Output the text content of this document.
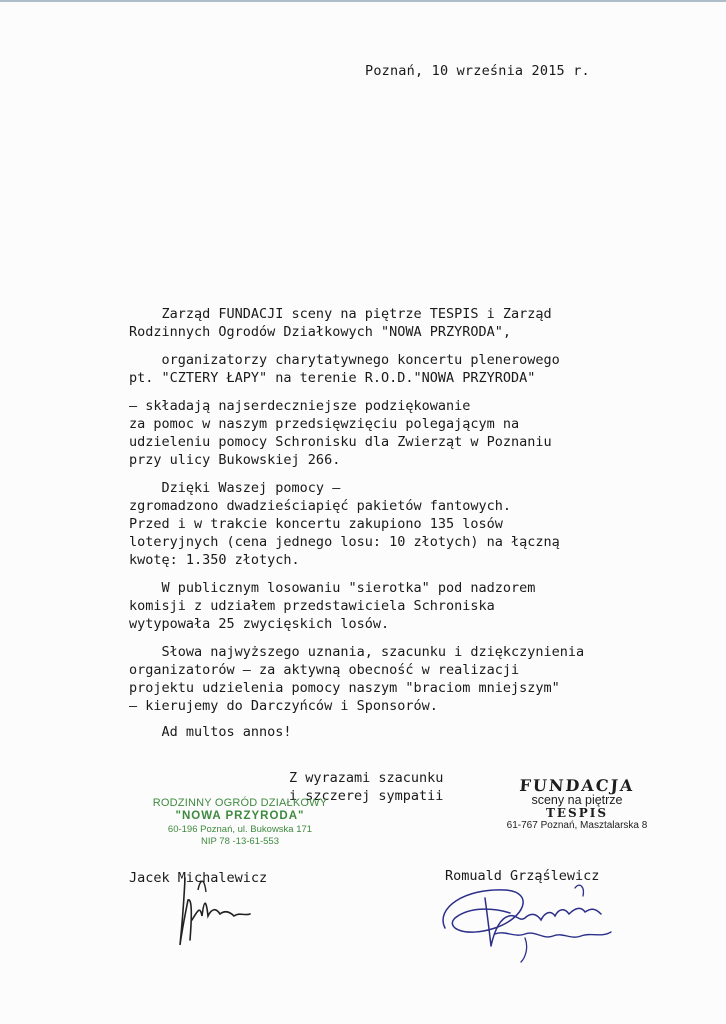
Poznań, 10 września 2015 r.
Zarząd FUNDACJI sceny na piętrze TESPIS i Zarząd
Rodzinnych Ogrodów Działkowych "NOWA PRZYRODA",
organizatorzy charytatywnego koncertu plenerowego
pt. "CZTERY ŁAPY" na terenie R.O.D."NOWA PRZYRODA"
— składają najserdeczniejsze podziękowanie
za pomoc w naszym przedsięwzięciu polegającym na
udzieleniu pomocy Schronisku dla Zwierząt w Poznaniu
przy ulicy Bukowskiej 266.
Dzięki Waszej pomocy —
zgromadzono dwadzieściapięć pakietów fantowych.
Przed i w trakcie koncertu zakupiono 135 losów
loteryjnych (cena jednego losu: 10 złotych) na łączną
kwotę: 1.350 złotych.
W publicznym losowaniu "sierotka" pod nadzorem
komisji z udziałem przedstawiciela Schroniska
wytypowała 25 zwycięskich losów.
Słowa najwyższego uznania, szacunku i dziękczynienia
organizatorów — za aktywną obecność w realizacji
projektu udzielenia pomocy naszym "braciom mniejszym"
— kierujemy do Darczyńców i Sponsorów.
Ad multos annos!
Z wyrazami szacunku
i szczerej sympatii
RODZINNY OGRÓD DZIAŁKOWY
"NOWA PRZYRODA"
60-196 Poznań, ul. Bukowska 171
NIP 78 -13-61-553
FUNDACJA
sceny na piętrze
TESPIS
61-767 Poznań, Masztalarska 8
Jacek Michalewicz	Romuald Grząślewicz
